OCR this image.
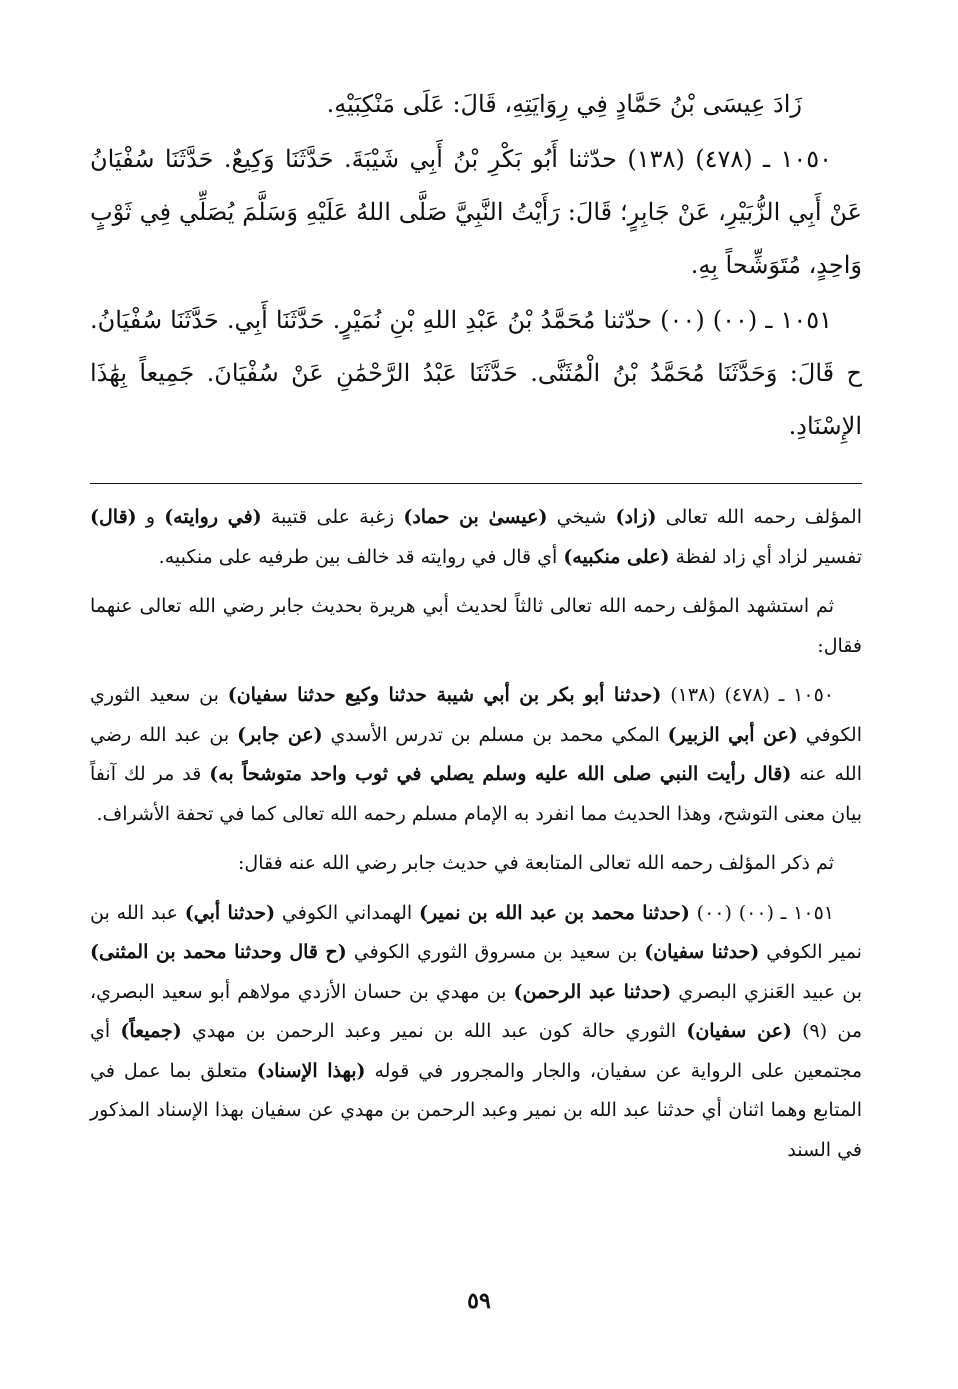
زَادَ عِيسَى بْنُ حَمَّادٍ فِي رِوَايَتِهِ، قَالَ: عَلَى مَنْكِبَيْهِ.

١٠٥٠ ـ (٤٧٨) (١٣٨) حدّثنا أَبُو بَكْرِ بْنُ أَبِي شَيْبَةَ. حَدَّثَنَا وَكِيعٌ. حَدَّثَنَا سُفْيَانُ عَنْ أَبِي الزُّبَيْرِ، عَنْ جَابِرٍ؛ قَالَ: رَأَيْتُ النَّبِيَّ صَلَّى اللهُ عَلَيْهِ وَسَلَّمَ يُصَلِّي فِي ثَوْبٍ وَاحِدٍ، مُتَوَشِّحاً بِهِ.

١٠٥١ ـ (٠٠) (٠٠) حدّثنا مُحَمَّدُ بْنُ عَبْدِ اللهِ بْنِ نُمَيْرٍ. حَدَّثَنَا أَبِي. حَدَّثَنَا سُفْيَانُ. ح قَالَ: وَحَدَّثَنَا مُحَمَّدُ بْنُ الْمُثَنَّى. حَدَّثَنَا عَبْدُ الرَّحْمَٰنِ عَنْ سُفْيَانَ. جَمِيعاً بِهَٰذَا الإِسْنَادِ.

المؤلف رحمه الله تعالى (زاد) شيخي (عيسىٰ بن حماد) زغبة على قتيبة (في روايته) و (قال) تفسير لزاد أي زاد لفظة (على منكبيه) أي قال في روايته قد خالف بين طرفيه على منكبيه.

ثم استشهد المؤلف رحمه الله تعالى ثالثاً لحديث أبي هريرة بحديث جابر رضي الله تعالى عنهما فقال:

١٠٥٠ ـ (٤٧٨) (١٣٨) (حدثنا أبو بكر بن أبي شيبة حدثنا وكيع حدثنا سفيان) بن سعيد الثوري الكوفي (عن أبي الزبير) المكي محمد بن مسلم بن تدرس الأسدي (عن جابر) بن عبد الله رضي الله عنه (قال رأيت النبي صلى الله عليه وسلم يصلي في ثوب واحد متوشحاً به) قد مر لك آنفاً بيان معنى التوشح، وهذا الحديث مما انفرد به الإمام مسلم رحمه الله تعالى كما في تحفة الأشراف.

ثم ذكر المؤلف رحمه الله تعالى المتابعة في حديث جابر رضي الله عنه فقال:

١٠٥١ ـ (٠٠) (٠٠) (حدثنا محمد بن عبد الله بن نمير) الهمداني الكوفي (حدثنا أبي) عبد الله بن نمير الكوفي (حدثنا سفيان) بن سعيد بن مسروق الثوري الكوفي (ح قال وحدثنا محمد بن المثنى) بن عبيد العَنزي البصري (حدثنا عبد الرحمن) بن مهدي بن حسان الأزدي مولاهم أبو سعيد البصري، من (٩) (عن سفيان) الثوري حالة كون عبد الله بن نمير وعبد الرحمن بن مهدي (جميعاً) أي مجتمعين على الرواية عن سفيان، والجار والمجرور في قوله (بهذا الإسناد) متعلق بما عمل في المتابع وهما اثنان أي حدثنا عبد الله بن نمير وعبد الرحمن بن مهدي عن سفيان بهذا الإسناد المذكور في السند

٥٩
